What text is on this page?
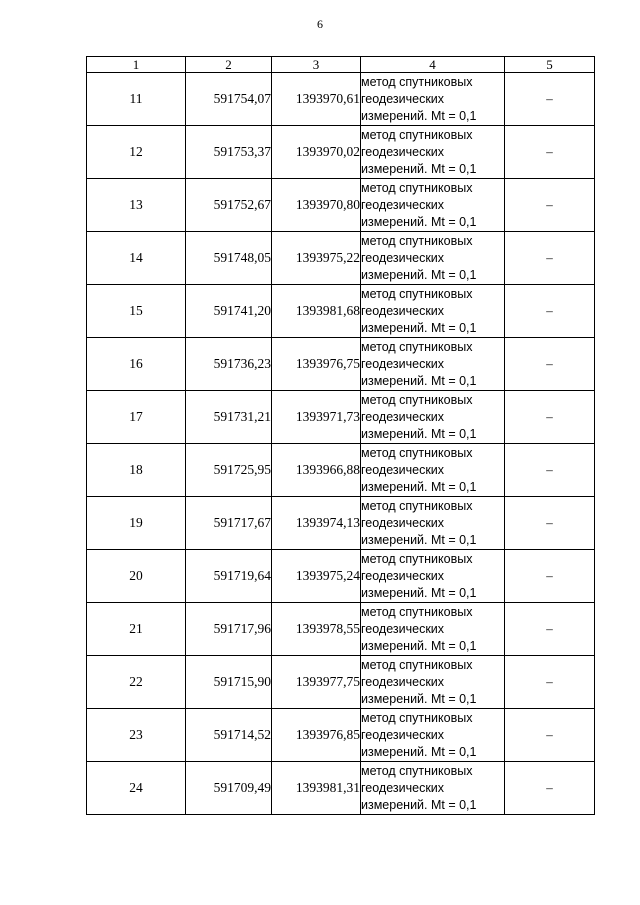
6
1	2	3	4	5
11	591754,07	1393970,61	метод спутниковых
геодезических
измерений. Mt = 0,1	–
12	591753,37	1393970,02	метод спутниковых
геодезических
измерений. Mt = 0,1	–
13	591752,67	1393970,80	метод спутниковых
геодезических
измерений. Mt = 0,1	–
14	591748,05	1393975,22	метод спутниковых
геодезических
измерений. Mt = 0,1	–
15	591741,20	1393981,68	метод спутниковых
геодезических
измерений. Mt = 0,1	–
16	591736,23	1393976,75	метод спутниковых
геодезических
измерений. Mt = 0,1	–
17	591731,21	1393971,73	метод спутниковых
геодезических
измерений. Mt = 0,1	–
18	591725,95	1393966,88	метод спутниковых
геодезических
измерений. Mt = 0,1	–
19	591717,67	1393974,13	метод спутниковых
геодезических
измерений. Mt = 0,1	–
20	591719,64	1393975,24	метод спутниковых
геодезических
измерений. Mt = 0,1	–
21	591717,96	1393978,55	метод спутниковых
геодезических
измерений. Mt = 0,1	–
22	591715,90	1393977,75	метод спутниковых
геодезических
измерений. Mt = 0,1	–
23	591714,52	1393976,85	метод спутниковых
геодезических
измерений. Mt = 0,1	–
24	591709,49	1393981,31	метод спутниковых
геодезических
измерений. Mt = 0,1	–
